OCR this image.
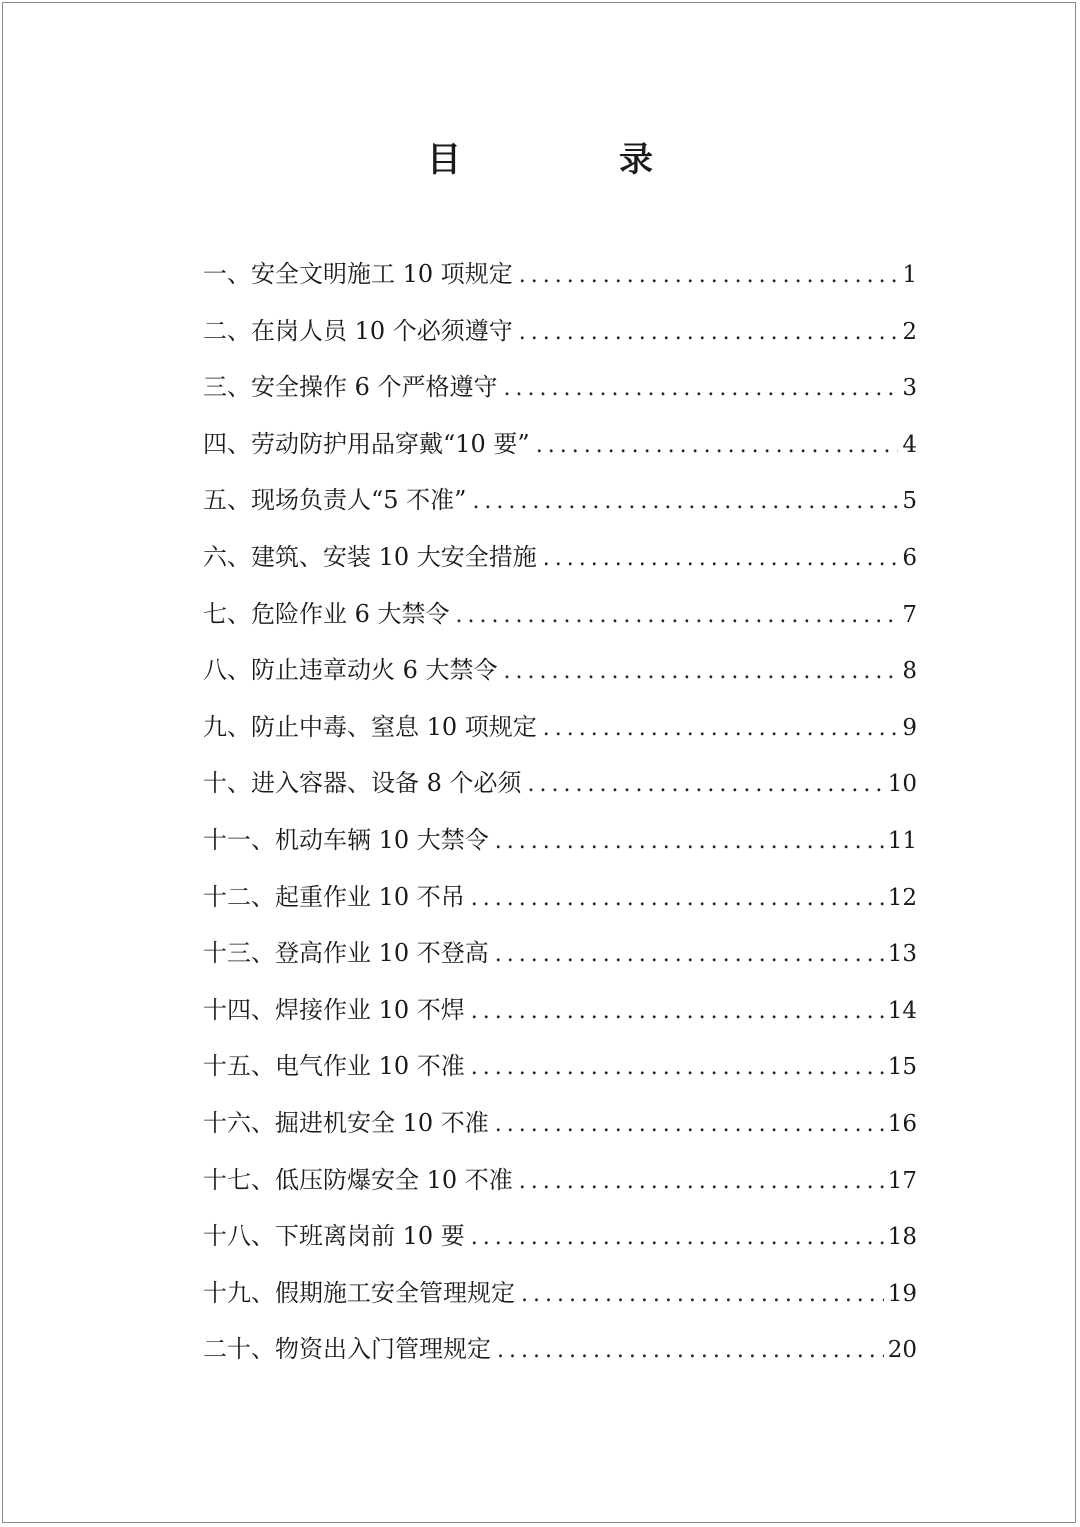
目　录
一、安全文明施工 10 项规定 .....	1
二、在岗人员 10 个必须遵守 .....	2
三、安全操作 6 个严格遵守 .....	3
四、劳动防护用品穿戴“10 要” .....	4
五、现场负责人“5 不准” .....	5
六、建筑、安装 10 大安全措施 .....	6
七、危险作业 6 大禁令 .....	7
八、防止违章动火 6 大禁令 .....	8
九、防止中毒、窒息 10 项规定 .....	9
十、进入容器、设备 8 个必须 .....	10
十一、机动车辆 10 大禁令 .....	11
十二、起重作业 10 不吊 .....	12
十三、登高作业 10 不登高 .....	13
十四、焊接作业 10 不焊 .....	14
十五、电气作业 10 不准 .....	15
十六、掘进机安全 10 不准 .....	16
十七、低压防爆安全 10 不准 .....	17
十八、下班离岗前 10 要 .....	18
十九、假期施工安全管理规定 .....	19
二十、物资出入门管理规定 .....	20
